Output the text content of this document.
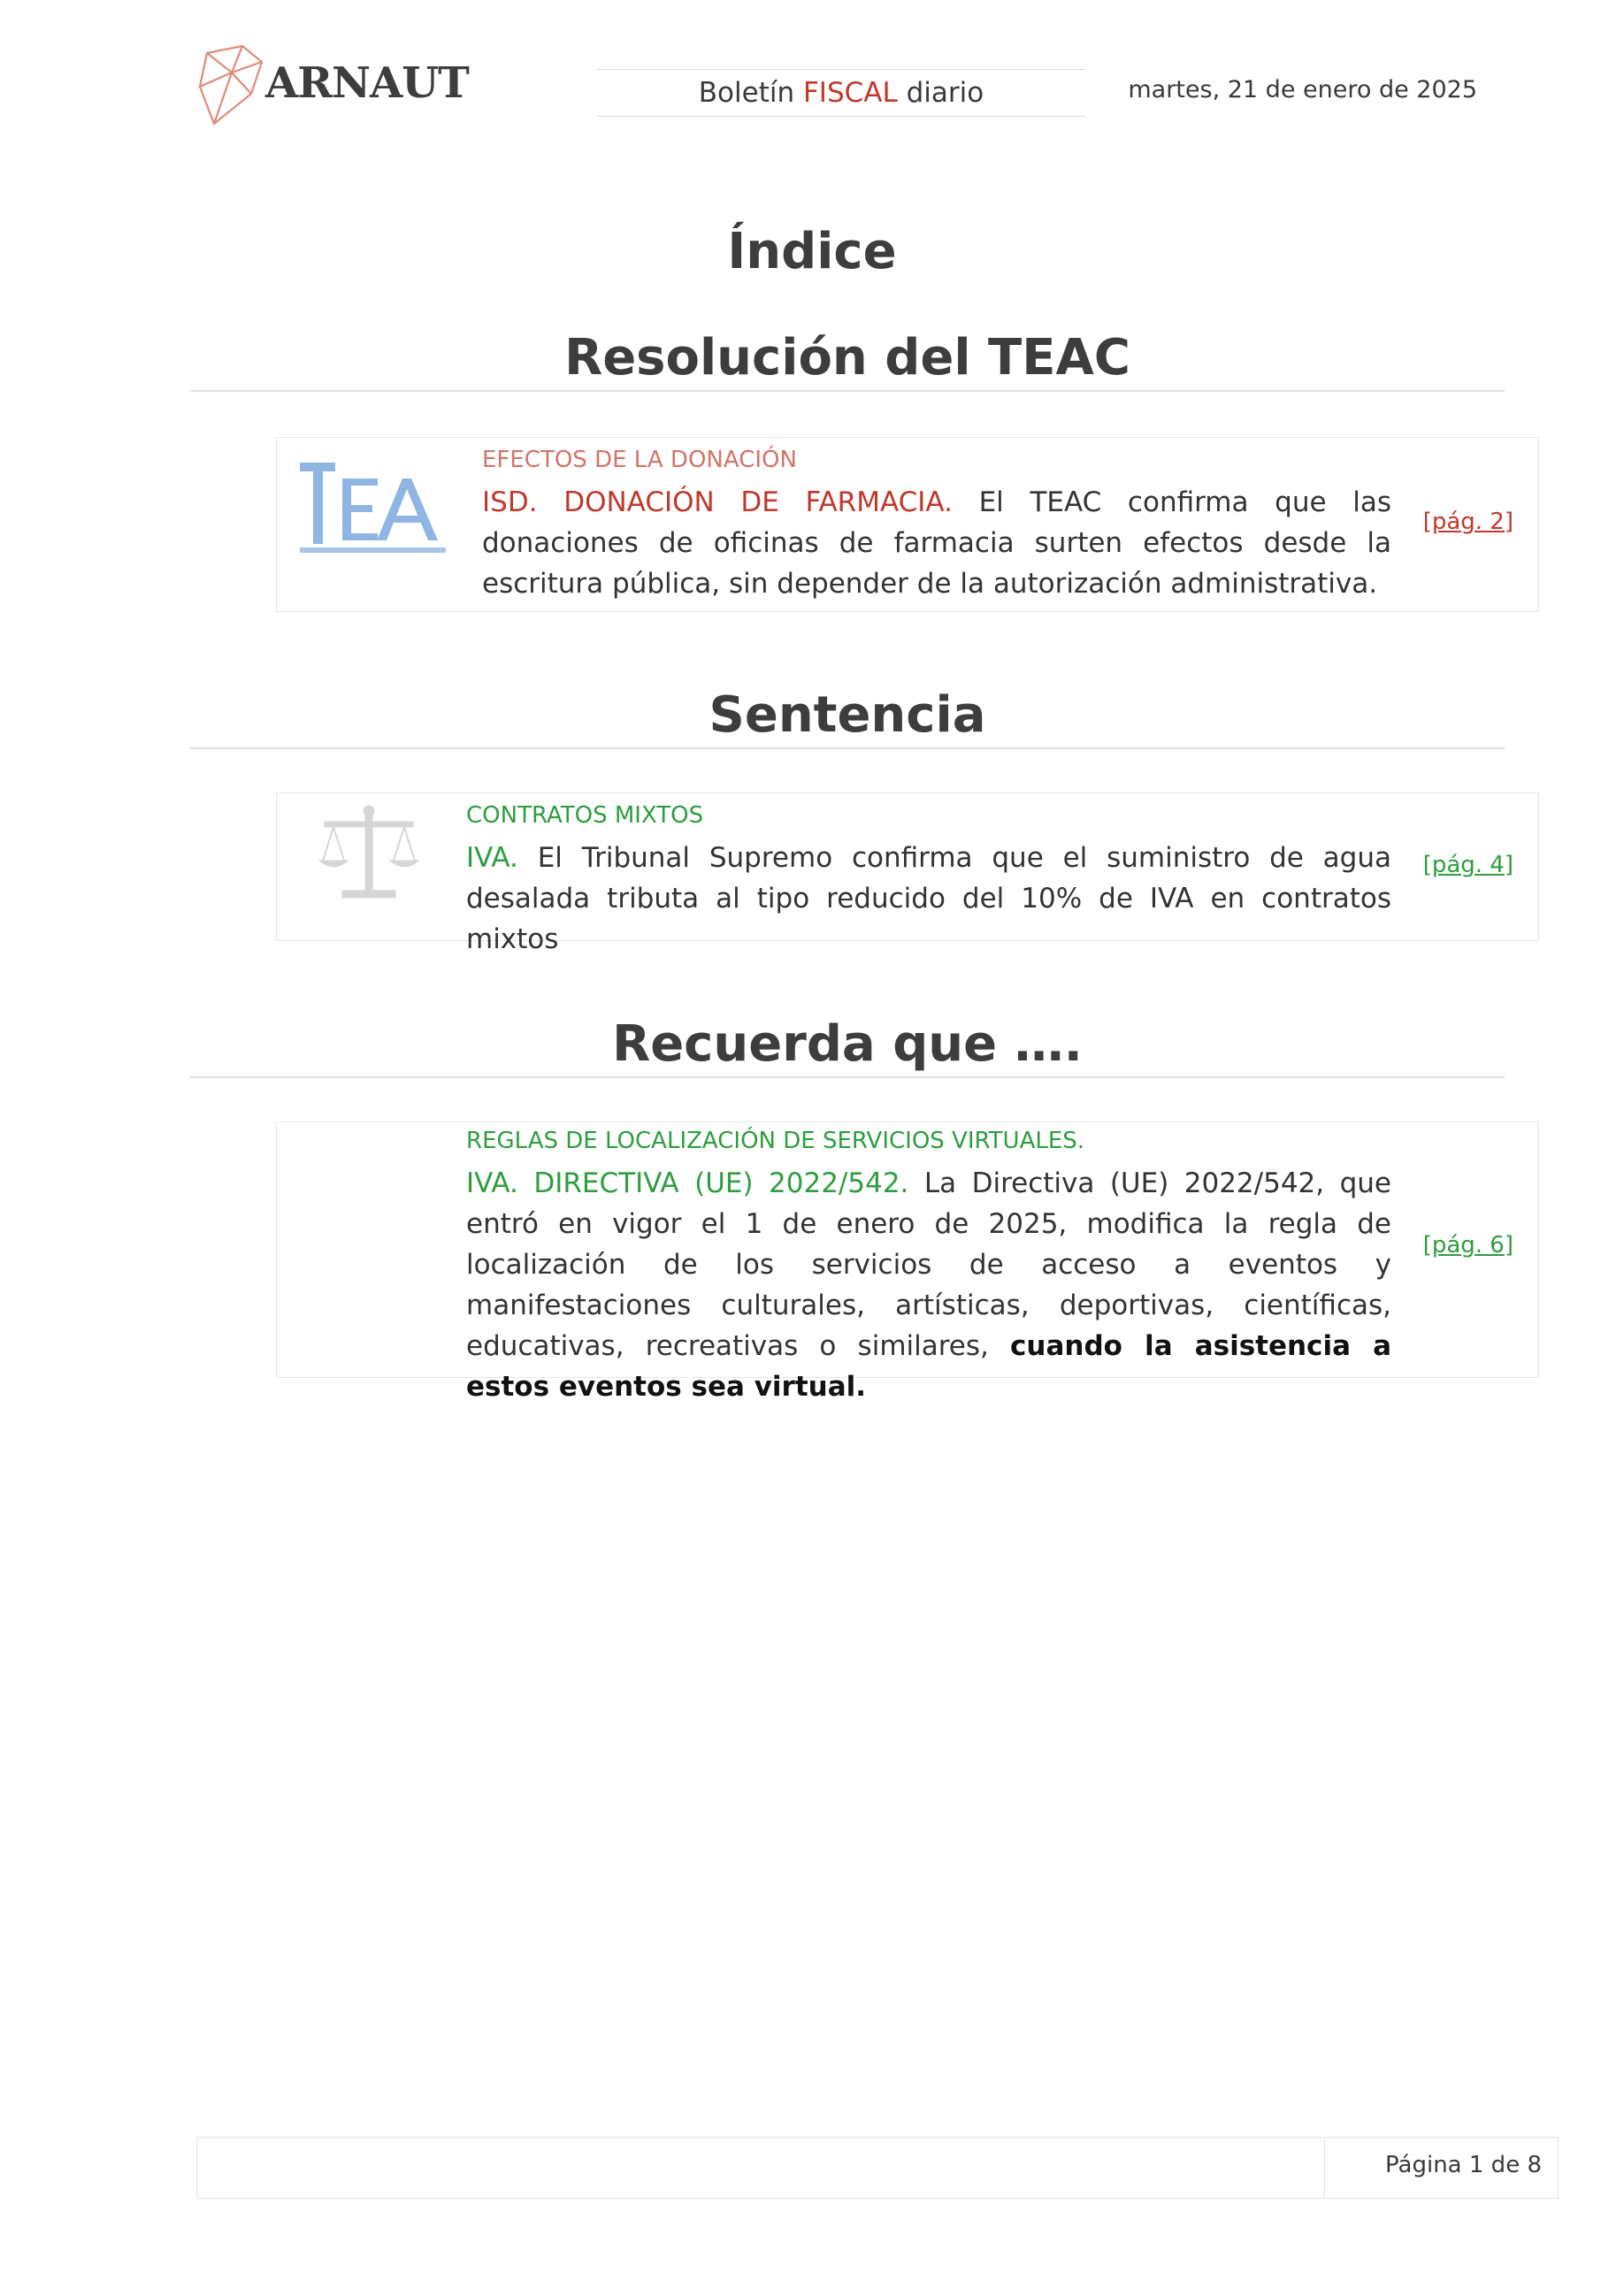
ARNAUT	Boletín FISCAL diario	martes, 21 de enero de 2025
Índice
Resolución del TEAC
EFECTOS DE LA DONACIÓN
ISD. DONACIÓN DE FARMACIA. El TEAC confirma que las donaciones de oficinas de farmacia surten efectos desde la escritura pública, sin depender de la autorización administrativa.
[pág. 2]
Sentencia
CONTRATOS MIXTOS
IVA. El Tribunal Supremo confirma que el suministro de agua desalada tributa al tipo reducido del 10% de IVA en contratos mixtos
[pág. 4]
Recuerda que ….
REGLAS DE LOCALIZACIÓN DE SERVICIOS VIRTUALES.
IVA. DIRECTIVA (UE) 2022/542. La Directiva (UE) 2022/542, que entró en vigor el 1 de enero de 2025, modifica la regla de localización de los servicios de acceso a eventos y manifestaciones culturales, artísticas, deportivas, científicas, educativas, recreativas o similares, cuando la asistencia a estos eventos sea virtual.
[pág. 6]
Página 1 de 8
